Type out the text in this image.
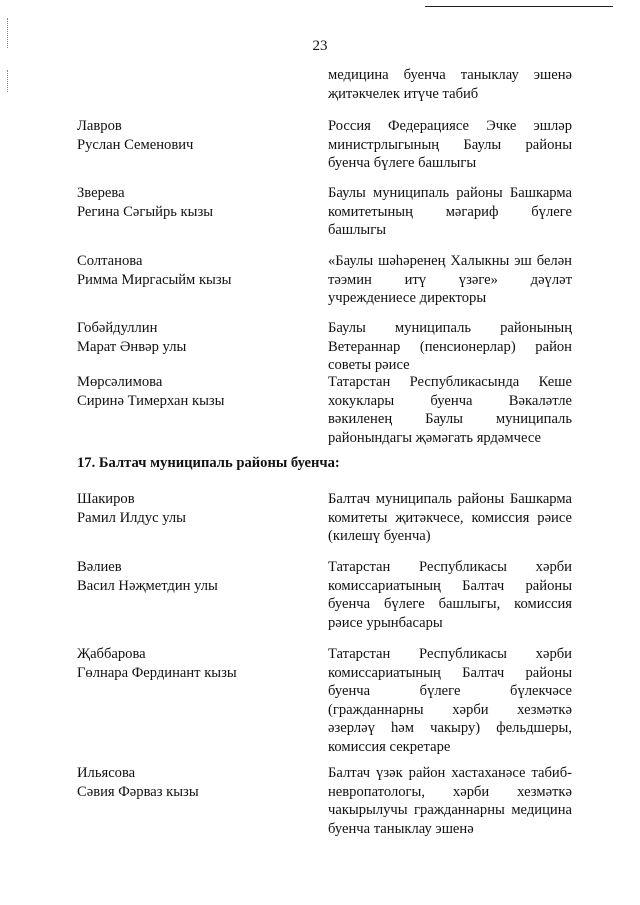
23
медицина буенча таныклау эшенә җитәкчелек итүче табиб
Лавров
Руслан Семенович
Россия Федерациясе Эчке эшләр министрлыгының Баулы районы буенча бүлеге башлыгы
Зверева
Регина Сәгыйрь кызы
Баулы муниципаль районы Башкарма комитетының мәгариф бүлеге башлыгы
Солтанова
Римма Миргасыйм кызы
«Баулы шәһәренең Халыкны эш белән тәэмин итү үзәге» дәүләт учреждениесе директоры
Гобәйдуллин
Марат Әнвәр улы
Баулы муниципаль районының Ветераннар (пенсионерлар) район советы рәисе
Мөрсәлимова
Сиринә Тимерхан кызы
Татарстан Республикасында Кеше хокуклары буенча Вәкаләтле вәкиленең Баулы муниципаль районындагы җәмәгать ярдәмчесе
17. Балтач муниципаль районы буенча:
Шакиров
Рамил Илдус улы
Балтач муниципаль районы Башкарма комитеты җитәкчесе, комиссия рәисе (килешү буенча)
Вәлиев
Васил Нәҗметдин улы
Татарстан Республикасы хәрби комиссариатының Балтач районы буенча бүлеге башлыгы, комиссия рәисе урынбасары
Җаббарова
Гөлнара Фердинант кызы
Татарстан Республикасы хәрби комиссариатының Балтач районы буенча бүлеге бүлекчәсе (гражданнарны хәрби хезмәткә әзерләү һәм чакыру) фельдшеры, комиссия секретаре
Ильясова
Сәвия Фәрваз кызы
Балтач үзәк район хастаханәсе табиб-невропатологы, хәрби хезмәткә чакырылучы гражданнарны медицина буенча таныклау эшенә
